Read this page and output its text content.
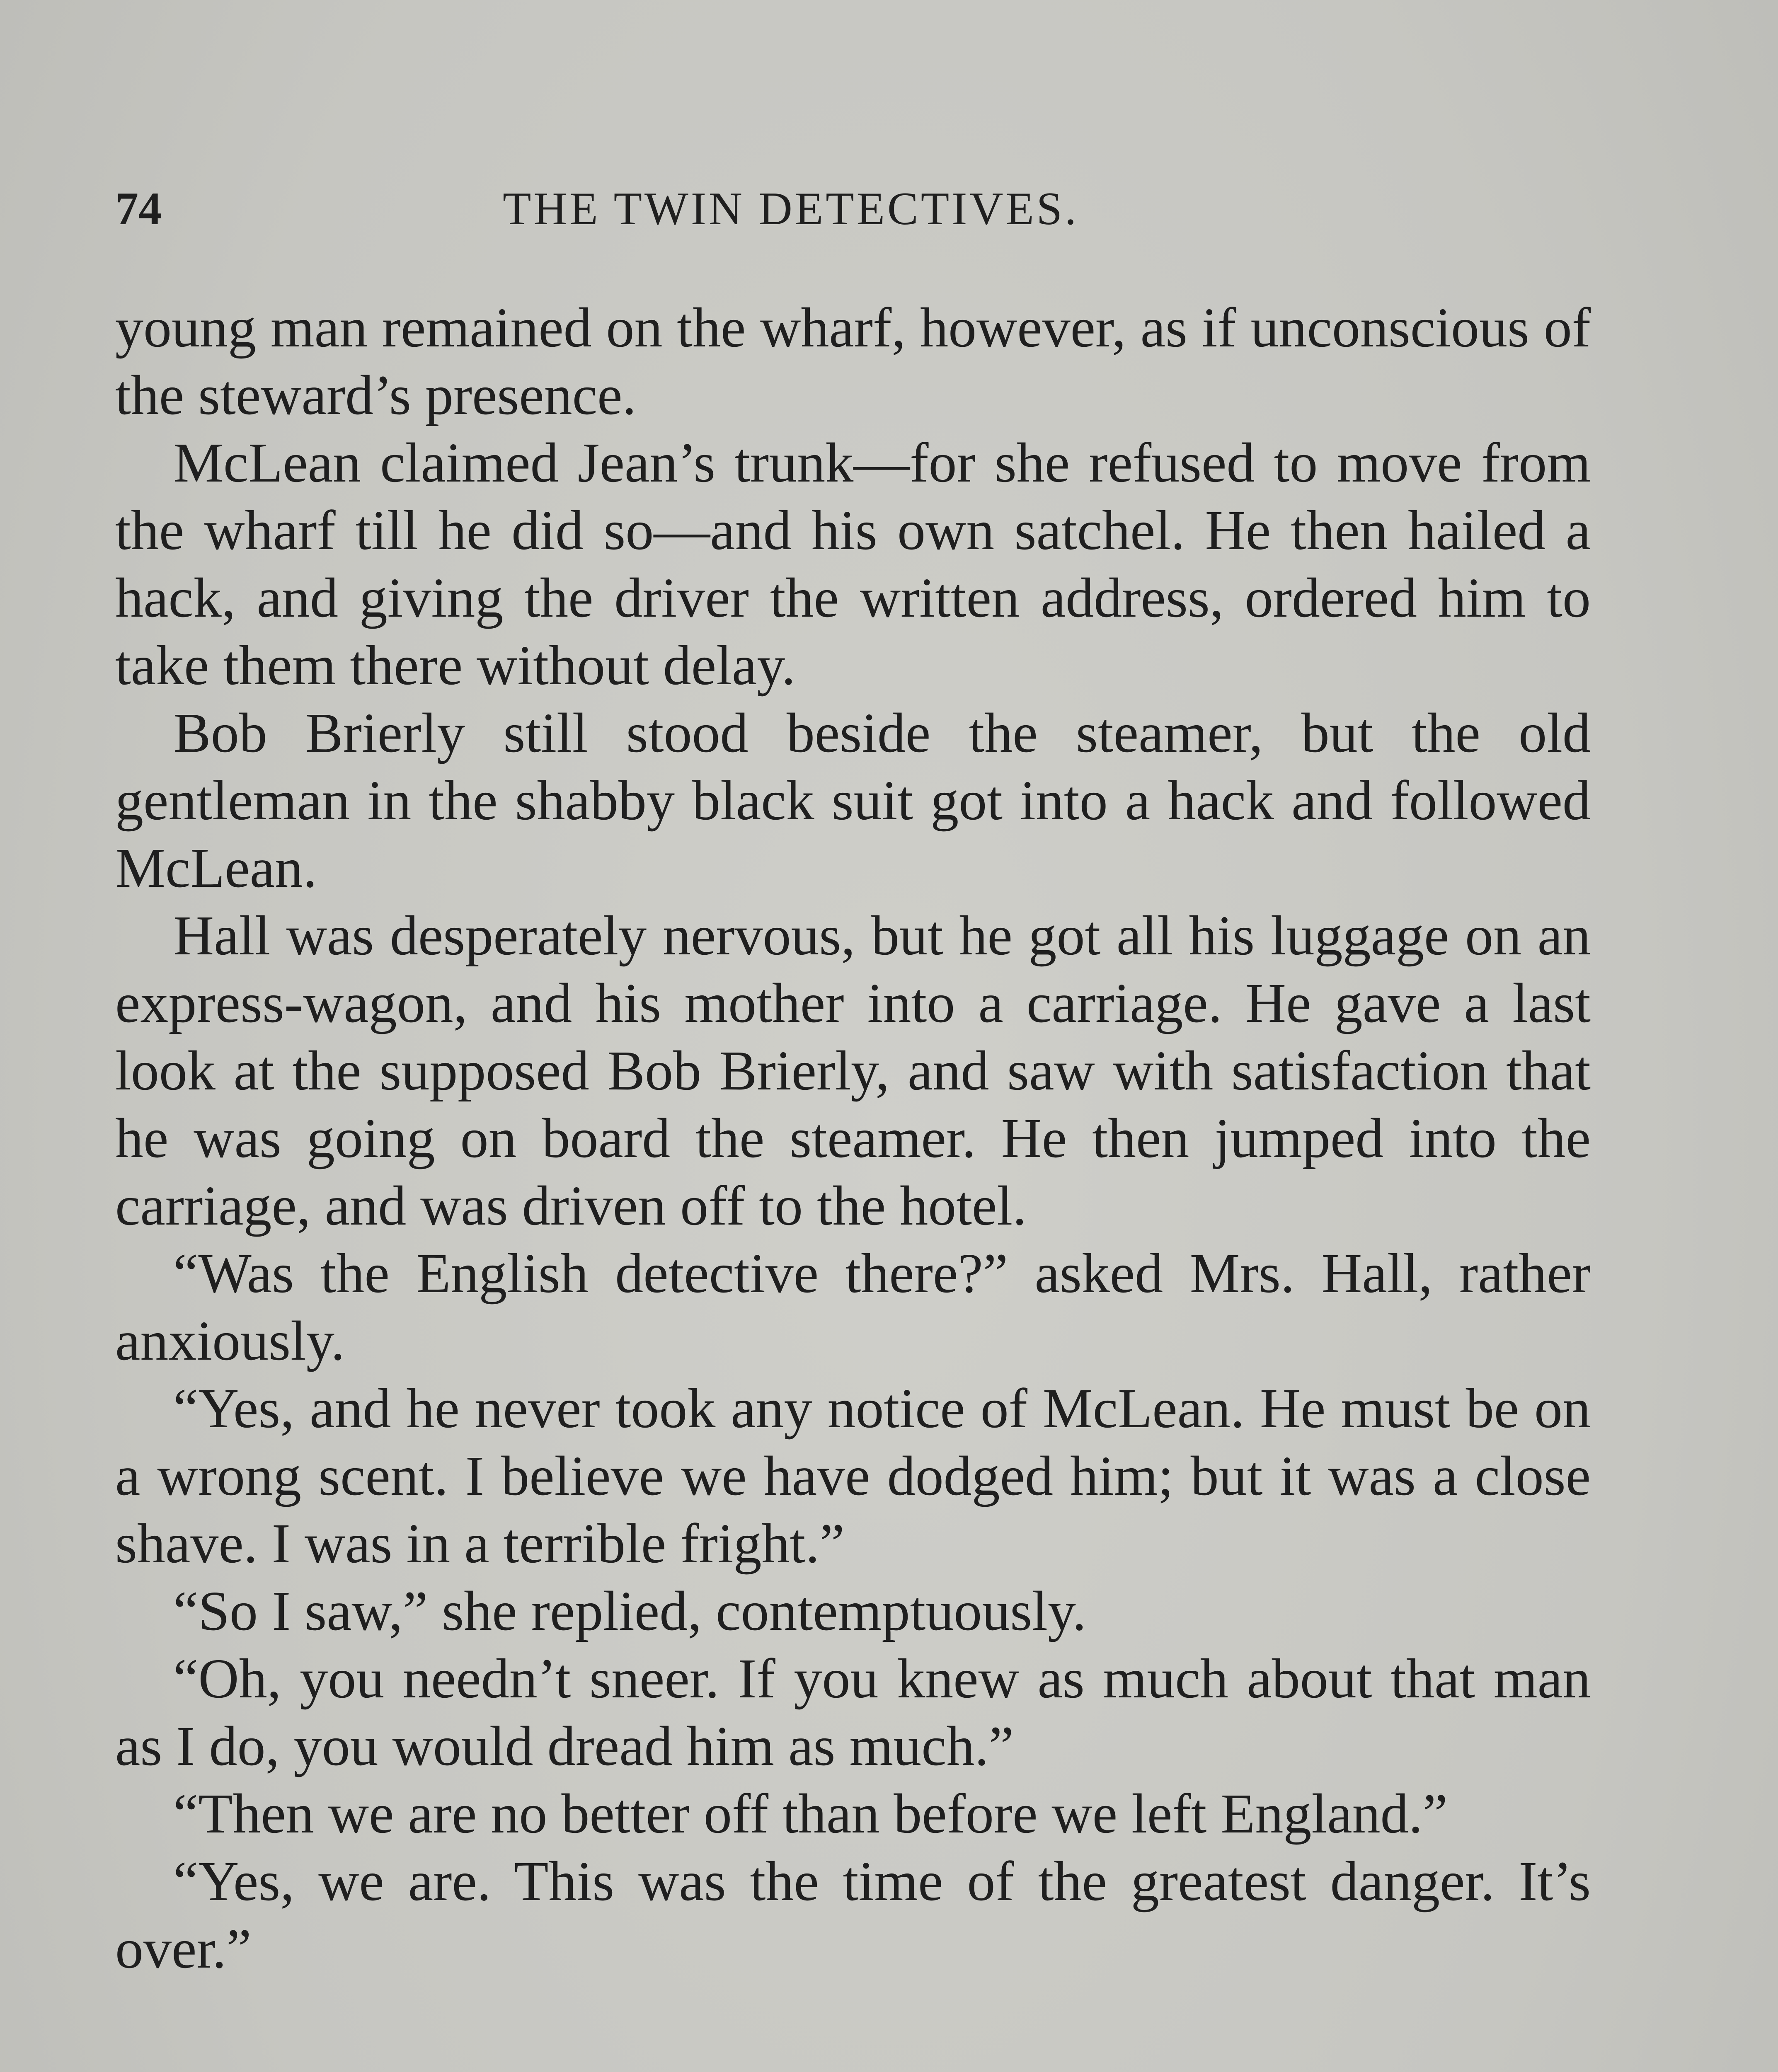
74	THE TWIN DETECTIVES.

young man remained on the wharf, however, as if unconscious of the steward’s presence.

McLean claimed Jean’s trunk—for she refused to move from the wharf till he did so—and his own satchel. He then hailed a hack, and giving the driver the written address, ordered him to take them there without delay.

Bob Brierly still stood beside the steamer, but the old gentleman in the shabby black suit got into a hack and followed McLean.

Hall was desperately nervous, but he got all his luggage on an express-wagon, and his mother into a carriage. He gave a last look at the supposed Bob Brierly, and saw with satisfaction that he was going on board the steamer. He then jumped into the carriage, and was driven off to the hotel.

“Was the English detective there?” asked Mrs. Hall, rather anxiously.

“Yes, and he never took any notice of McLean. He must be on a wrong scent. I believe we have dodged him; but it was a close shave. I was in a terrible fright.”

“So I saw,” she replied, contemptuously.

“Oh, you needn’t sneer. If you knew as much about that man as I do, you would dread him as much.”

“Then we are no better off than before we left England.”

“Yes, we are. This was the time of the greatest danger. It’s over.”
